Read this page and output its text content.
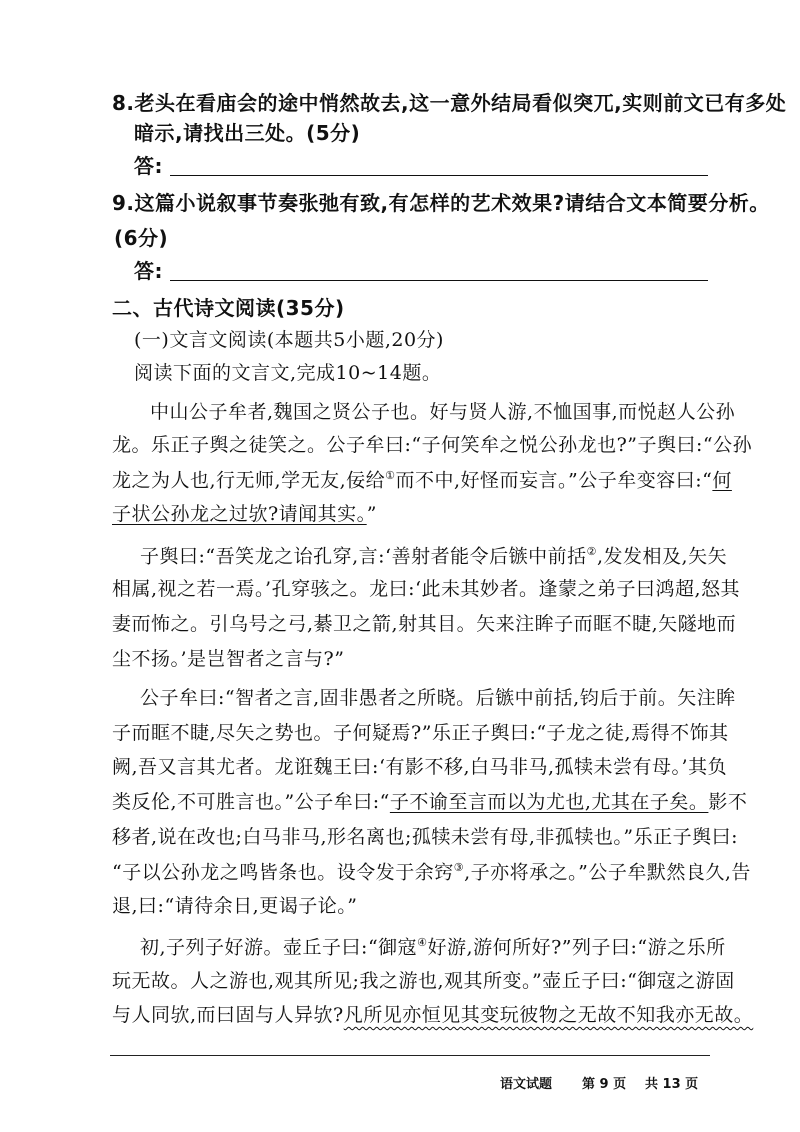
8.老头在看庙会的途中悄然故去,这一意外结局看似突兀,实则前文已有多处
暗示,请找出三处。(5分)
答:
9.这篇小说叙事节奏张弛有致,有怎样的艺术效果?请结合文本简要分析。
(6分)
答:
二、古代诗文阅读(35分)
(一)文言文阅读(本题共5小题,20分)
阅读下面的文言文,完成10~14题。
中山公子牟者,魏国之贤公子也。好与贤人游,不恤国事,而悦赵人公孙
龙。乐正子舆之徒笑之。公子牟曰:“子何笑牟之悦公孙龙也?”子舆曰:“公孙
龙之为人也,行无师,学无友,佞给①而不中,好怪而妄言。”公子牟变容曰:“何
子状公孙龙之过欤?请闻其实。”
子舆曰:“吾笑龙之诒孔穿,言:‘善射者能令后镞中前括②,发发相及,矢矢
相属,视之若一焉。’孔穿骇之。龙曰:‘此未其妙者。逢蒙之弟子曰鸿超,怒其
妻而怖之。引乌号之弓,綦卫之箭,射其目。矢来注眸子而眶不睫,矢隧地而
尘不扬。’是岂智者之言与?”
公子牟曰:“智者之言,固非愚者之所晓。后镞中前括,钧后于前。矢注眸
子而眶不睫,尽矢之势也。子何疑焉?”乐正子舆曰:“子龙之徒,焉得不饰其
阙,吾又言其尤者。龙诳魏王曰:‘有影不移,白马非马,孤犊未尝有母。’其负
类反伦,不可胜言也。”公子牟曰:“子不谕至言而以为尤也,尤其在子矣。影不
移者,说在改也;白马非马,形名离也;孤犊未尝有母,非孤犊也。”乐正子舆曰:
“子以公孙龙之鸣皆条也。设令发于余窍③,子亦将承之。”公子牟默然良久,告
退,曰:“请待余日,更谒子论。”
初,子列子好游。壶丘子曰:“御寇④好游,游何所好?”列子曰:“游之乐所
玩无故。人之游也,观其所见;我之游也,观其所变。”壶丘子曰:“御寇之游固
与人同欤,而曰固与人异欤?凡所见亦恒见其变玩彼物之无故不知我亦无故。
语文试题 第 9 页 共 13 页
